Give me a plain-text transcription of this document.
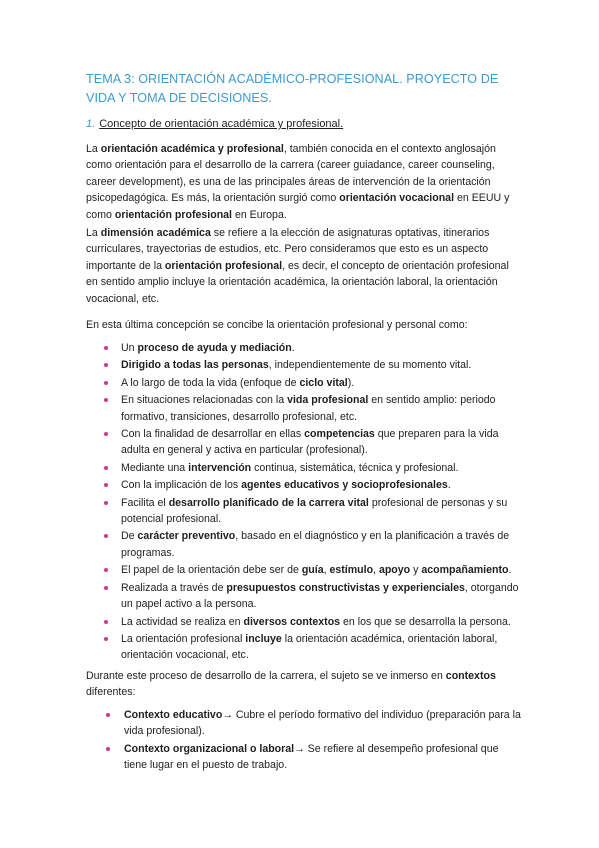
TEMA 3: ORIENTACIÓN ACADÉMICO-PROFESIONAL. PROYECTO DE VIDA Y TOMA DE DECISIONES.
1. Concepto de orientación académica y profesional.

La orientación académica y profesional, también conocida en el contexto anglosajón como orientación para el desarrollo de la carrera (career guiadance, career counseling, career development), es una de las principales áreas de intervención de la orientación psicopedagógica. Es más, la orientación surgió como orientación vocacional en EEUU y como orientación profesional en Europa.

La dimensión académica se refiere a la elección de asignaturas optativas, itinerarios curriculares, trayectorias de estudios, etc. Pero consideramos que esto es un aspecto importante de la orientación profesional, es decir, el concepto de orientación profesional en sentido amplio incluye la orientación académica, la orientación laboral, la orientación vocacional, etc.

En esta última concepción se concibe la orientación profesional y personal como:

Un proceso de ayuda y mediación.
Dirigido a todas las personas, independientemente de su momento vital.
A lo largo de toda la vida (enfoque de ciclo vital).
En situaciones relacionadas con la vida profesional en sentido amplio: periodo formativo, transiciones, desarrollo profesional, etc.
Con la finalidad de desarrollar en ellas competencias que preparen para la vida adulta en general y activa en particular (profesional).
Mediante una intervención continua, sistemática, técnica y profesional.
Con la implicación de los agentes educativos y socioprofesionales.
Facilita el desarrollo planificado de la carrera vital profesional de personas y su potencial profesional.
De carácter preventivo, basado en el diagnóstico y en la planificación a través de programas.
El papel de la orientación debe ser de guía, estímulo, apoyo y acompañamiento.
Realizada a través de presupuestos constructivistas y experienciales, otorgando un papel activo a la persona.
La actividad se realiza en diversos contextos en los que se desarrolla la persona.
La orientación profesional incluye la orientación académica, orientación laboral, orientación vocacional, etc.

Durante este proceso de desarrollo de la carrera, el sujeto se ve inmerso en contextos diferentes:

Contexto educativo→ Cubre el período formativo del individuo (preparación para la vida profesional).
Contexto organizacional o laboral→ Se refiere al desempeño profesional que tiene lugar en el puesto de trabajo.
